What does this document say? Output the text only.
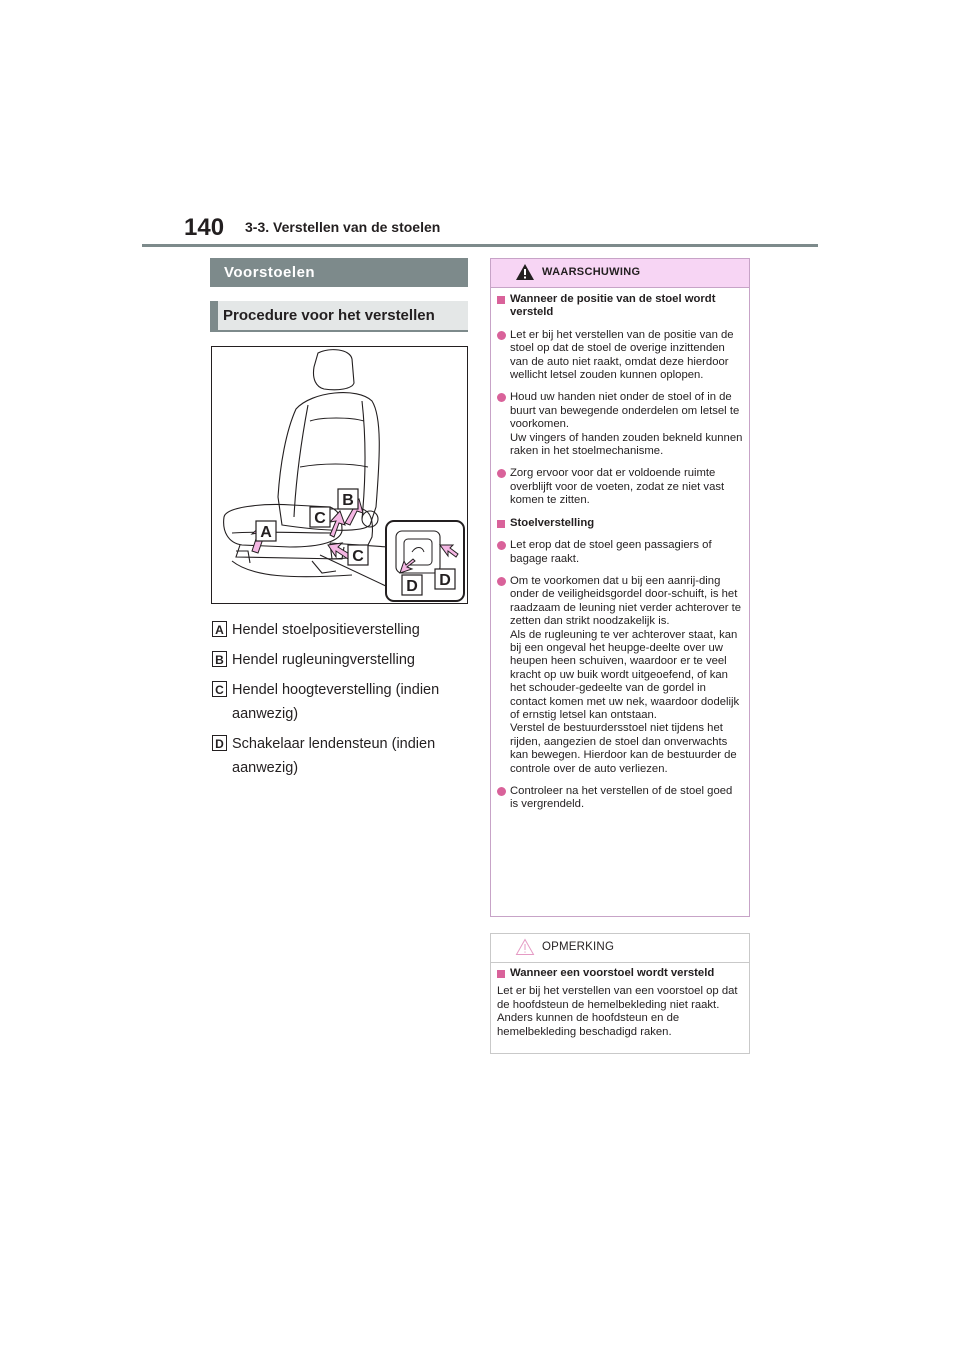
140 3-3. Verstellen van de stoelen
Voorstoelen
Procedure voor het verstellen
A
B
C
C
D D
A Hendel stoelpositieverstelling
B Hendel rugleuningverstelling
C Hendel hoogteverstelling (indien aanwezig)
D Schakelaar lendensteun (indien aanwezig)
WAARSCHUWING
Wanneer de positie van de stoel wordt versteld
Let er bij het verstellen van de positie van de stoel op dat de stoel de overige inzittenden van de auto niet raakt, omdat deze hierdoor wellicht letsel zouden kunnen oplopen.
Houd uw handen niet onder de stoel of in de buurt van bewegende onderdelen om letsel te voorkomen.
Uw vingers of handen zouden bekneld kunnen raken in het stoelmechanisme.
Zorg ervoor voor dat er voldoende ruimte overblijft voor de voeten, zodat ze niet vast komen te zitten.
Stoelverstelling
Let erop dat de stoel geen passagiers of bagage raakt.
Om te voorkomen dat u bij een aanrij-ding onder de veiligheidsgordel door-schuift, is het raadzaam de leuning niet verder achterover te zetten dan strikt noodzakelijk is.
Als de rugleuning te ver achterover staat, kan bij een ongeval het heupge-deelte over uw heupen heen schuiven, waardoor er te veel kracht op uw buik wordt uitgeoefend, of kan het schouder-gedeelte van de gordel in contact komen met uw nek, waardoor dodelijk of ernstig letsel kan ontstaan.
Verstel de bestuurdersstoel niet tijdens het rijden, aangezien de stoel dan onverwachts kan bewegen. Hierdoor kan de bestuurder de controle over de auto verliezen.
Controleer na het verstellen of de stoel goed is vergrendeld.
OPMERKING
Wanneer een voorstoel wordt versteld
Let er bij het verstellen van een voorstoel op dat de hoofdsteun de hemelbekleding niet raakt. Anders kunnen de hoofdsteun en de hemelbekleding beschadigd raken.
